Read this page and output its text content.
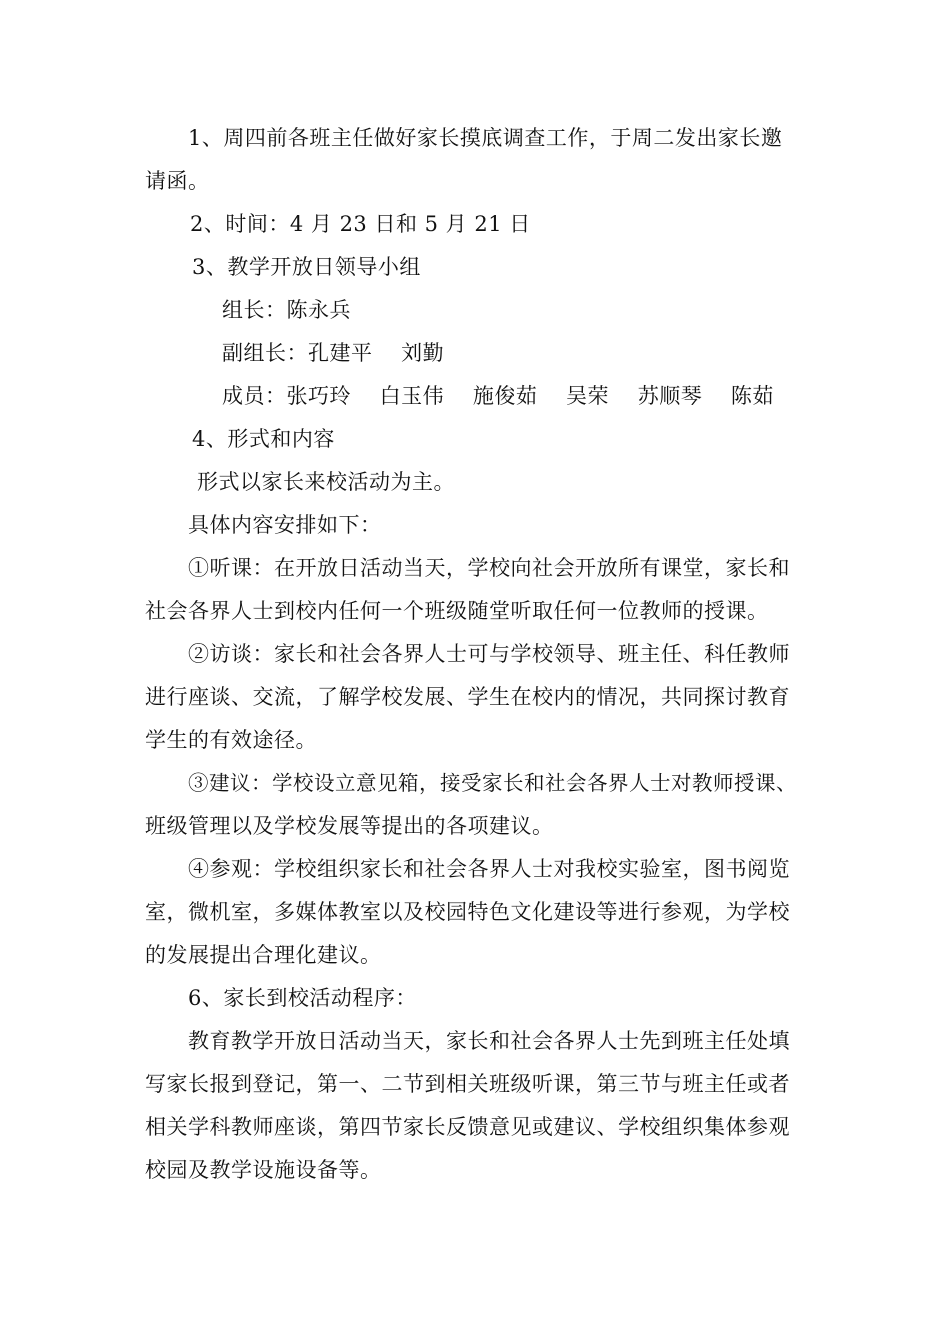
1、周四前各班主任做好家长摸底调查工作，于周二发出家长邀
请函。
2、时间：4 月 23 日和 5 月 21 日
3、教学开放日领导小组
组长：陈永兵
副组长：孔建平　 刘勤
成员：张巧玲　 白玉伟　 施俊茹　 吴荣　 苏顺琴　 陈茹
4、形式和内容
形式以家长来校活动为主。
具体内容安排如下：
①听课：在开放日活动当天，学校向社会开放所有课堂，家长和
社会各界人士到校内任何一个班级随堂听取任何一位教师的授课。
②访谈：家长和社会各界人士可与学校领导、班主任、科任教师
进行座谈、交流，了解学校发展、学生在校内的情况，共同探讨教育
学生的有效途径。
③建议：学校设立意见箱，接受家长和社会各界人士对教师授课、
班级管理以及学校发展等提出的各项建议。
④参观：学校组织家长和社会各界人士对我校实验室，图书阅览
室，微机室，多媒体教室以及校园特色文化建设等进行参观，为学校
的发展提出合理化建议。
6、家长到校活动程序：
教育教学开放日活动当天，家长和社会各界人士先到班主任处填
写家长报到登记，第一、二节到相关班级听课，第三节与班主任或者
相关学科教师座谈，第四节家长反馈意见或建议、学校组织集体参观
校园及教学设施设备等。
